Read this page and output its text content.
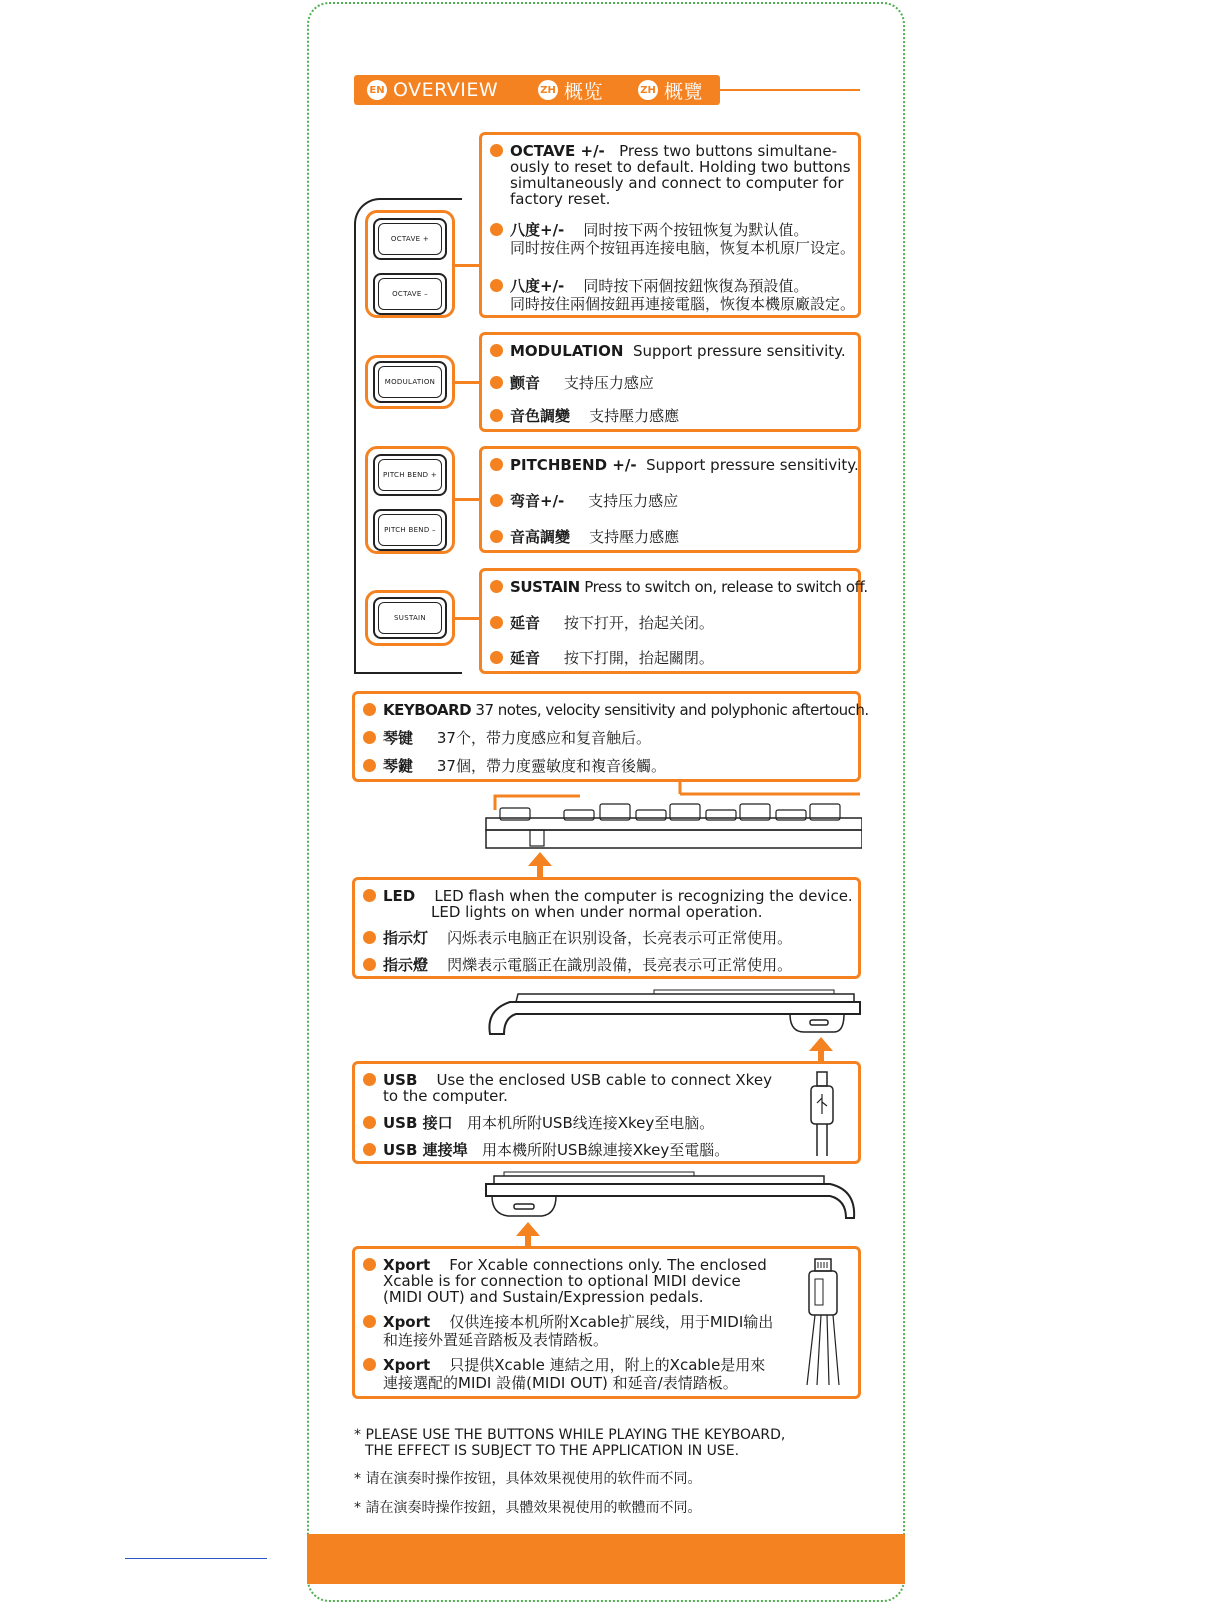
EN OVERVIEW	ZH 概览	ZH 概覽
OCTAVE +
OCTAVE –
MODULATION
PITCH BEND +
PITCH BEND –
SUSTAIN
OCTAVE +/- Press two buttons simultane-
ously to reset to default. Holding two buttons
simultaneously and connect to computer for
factory reset.
八度+/- 同时按下两个按钮恢复为默认值。
同时按住两个按钮再连接电脑，恢复本机原厂设定。
八度+/- 同時按下兩個按鈕恢復為預設值。
同時按住兩個按鈕再連接電腦，恢復本機原廠設定。
MODULATION Support pressure sensitivity.
颤音 支持压力感应
音色調變 支持壓力感應
PITCHBEND +/- Support pressure sensitivity.
弯音+/- 支持压力感应
音高調變 支持壓力感應
SUSTAIN Press to switch on, release to switch off.
延音 按下打开，抬起关闭。
延音 按下打開，抬起關閉。
KEYBOARD 37 notes, velocity sensitivity and polyphonic aftertouch.
琴键 37个，带力度感应和复音触后。
琴鍵 37個，帶力度靈敏度和複音後觸。
LED LED flash when the computer is recognizing the device.
LED lights on when under normal operation.
指示灯 闪烁表示电脑正在识别设备，长亮表示可正常使用。
指示燈 閃爍表示電腦正在識別設備，長亮表示可正常使用。
USB Use the enclosed USB cable to connect Xkey
to the computer.
USB 接口 用本机所附USB线连接Xkey至电脑。
USB 連接埠 用本機所附USB線連接Xkey至電腦。
Xport For Xcable connections only. The enclosed
Xcable is for connection to optional MIDI device
(MIDI OUT) and Sustain/Expression pedals.
Xport 仅供连接本机所附Xcable扩展线，用于MIDI输出
和连接外置延音踏板及表情踏板。
Xport 只提供Xcable 連結之用，附上的Xcable是用來
連接選配的MIDI 設備(MIDI OUT) 和延音/表情踏板。
* PLEASE USE THE BUTTONS WHILE PLAYING THE KEYBOARD,
THE EFFECT IS SUBJECT TO THE APPLICATION IN USE.
* 请在演奏时操作按钮，具体效果视使用的软件而不同。
* 請在演奏時操作按鈕，具體效果視使用的軟體而不同。
